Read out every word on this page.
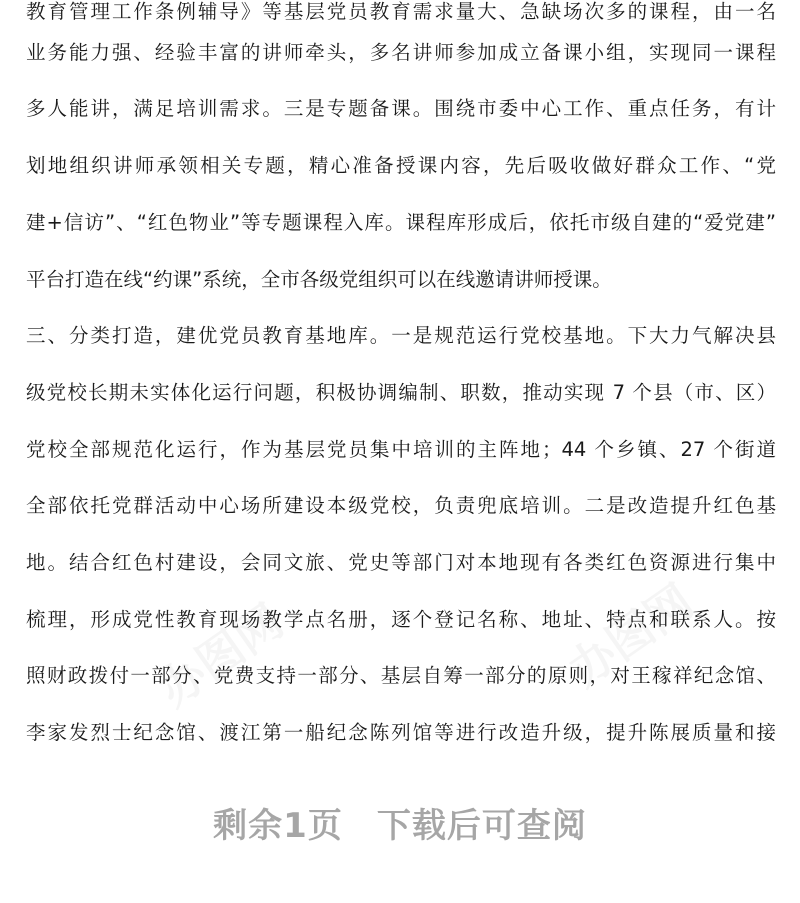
教育管理工作条例辅导》等基层党员教育需求量大、急缺场次多的课程，由一名
业务能力强、经验丰富的讲师牵头，多名讲师参加成立备课小组，实现同一课程
多人能讲，满足培训需求。三是专题备课。围绕市委中心工作、重点任务，有计
划地组织讲师承领相关专题，精心准备授课内容，先后吸收做好群众工作、“党
建+信访”、“红色物业”等专题课程入库。课程库形成后，依托市级自建的“爱党建”
平台打造在线“约课”系统，全市各级党组织可以在线邀请讲师授课。
三、分类打造，建优党员教育基地库。一是规范运行党校基地。下大力气解决县
级党校长期未实体化运行问题，积极协调编制、职数，推动实现 7 个县（市、区）
党校全部规范化运行，作为基层党员集中培训的主阵地；44 个乡镇、27 个街道
全部依托党群活动中心场所建设本级党校，负责兜底培训。二是改造提升红色基
地。结合红色村建设，会同文旅、党史等部门对本地现有各类红色资源进行集中
梳理，形成党性教育现场教学点名册，逐个登记名称、地址、特点和联系人。按
照财政拨付一部分、党费支持一部分、基层自筹一部分的原则，对王稼祥纪念馆、
李家发烈士纪念馆、渡江第一船纪念陈列馆等进行改造升级，提升陈展质量和接
剩余1页 下载后可查阅
